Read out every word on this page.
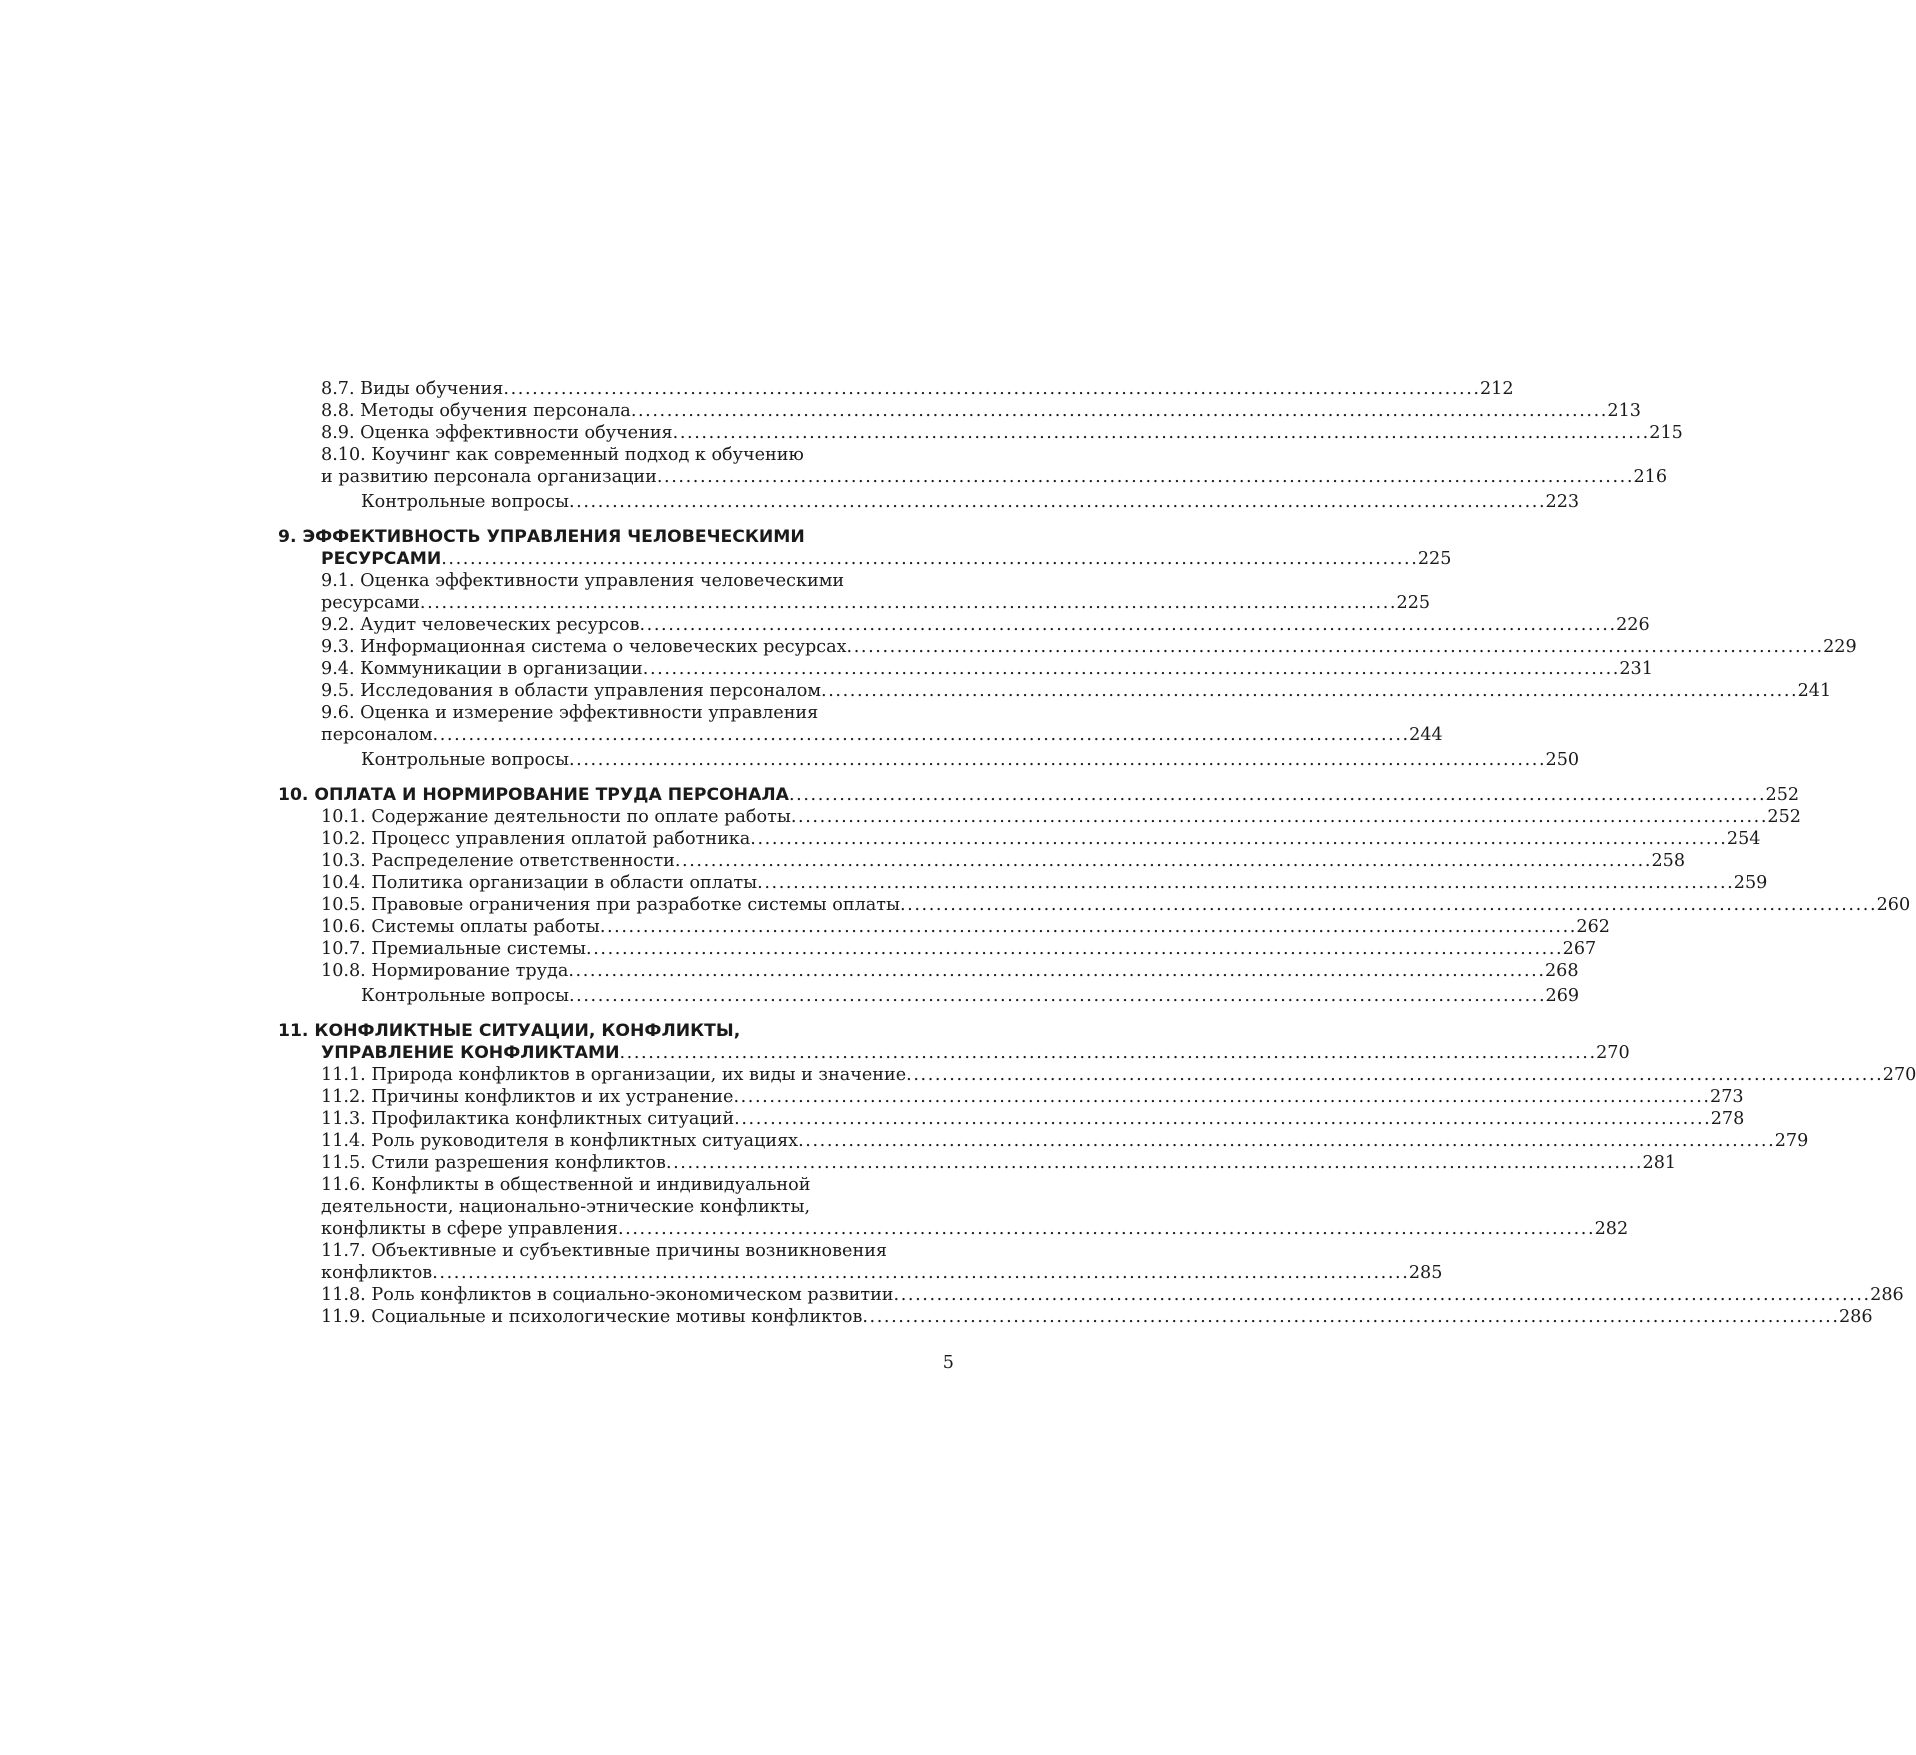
8.7. Виды обучения . . .	212
8.8. Методы обучения персонала . . .	213
8.9. Оценка эффективности обучения . . .	215
8.10. Коучинг как современный подход к обучению
и развитию персонала организации . . .	216
Контрольные вопросы . . .	223
9. ЭФФЕКТИВНОСТЬ УПРАВЛЕНИЯ ЧЕЛОВЕЧЕСКИМИ
РЕСУРСАМИ . . .	225
9.1. Оценка эффективности управления человеческими
ресурсами . . .	225
9.2. Аудит человеческих ресурсов . . .	226
9.3. Информационная система о человеческих ресурсах . . .	229
9.4. Коммуникации в организации . . .	231
9.5. Исследования в области управления персоналом . . .	241
9.6. Оценка и измерение эффективности управления
персоналом . . .	244
Контрольные вопросы . . .	250
10. ОПЛАТА И НОРМИРОВАНИЕ ТРУДА ПЕРСОНАЛА . . .	252
10.1. Содержание деятельности по оплате работы . . .	252
10.2. Процесс управления оплатой работника . . .	254
10.3. Распределение ответственности . . .	258
10.4. Политика организации в области оплаты . . .	259
10.5. Правовые ограничения при разработке системы оплаты . . .	260
10.6. Системы оплаты работы . . .	262
10.7. Премиальные системы . . .	267
10.8. Нормирование труда . . .	268
Контрольные вопросы . . .	269
11. КОНФЛИКТНЫЕ СИТУАЦИИ, КОНФЛИКТЫ,
УПРАВЛЕНИЕ КОНФЛИКТАМИ . . .	270
11.1. Природа конфликтов в организации, их виды и значение . . .	270
11.2. Причины конфликтов и их устранение . . .	273
11.3. Профилактика конфликтных ситуаций . . .	278
11.4. Роль руководителя в конфликтных ситуациях . . .	279
11.5. Стили разрешения конфликтов . . .	281
11.6. Конфликты в общественной и индивидуальной
деятельности, национально-этнические конфликты,
конфликты в сфере управления . . .	282
11.7. Объективные и субъективные причины возникновения
конфликтов . . .	285
11.8. Роль конфликтов в социально-экономическом развитии . . .	286
11.9. Социальные и психологические мотивы конфликтов . . .	286
5
